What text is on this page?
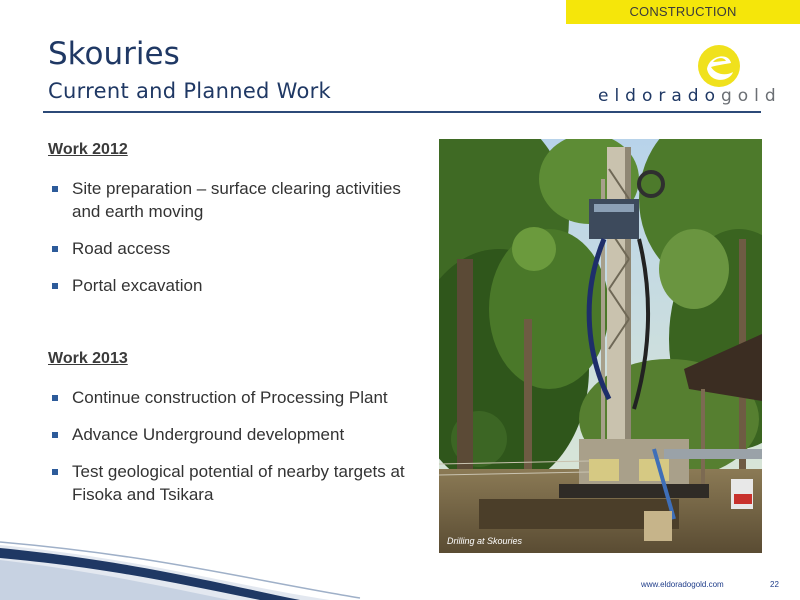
CONSTRUCTION
Skouries
Current and Planned Work	eldoradogold
Work 2012
Site preparation – surface clearing activities and earth moving
Road access
Portal excavation
Work 2013
Continue construction of Processing Plant
Advance Underground development
Test geological potential of nearby targets at Fisoka and Tsikara
Drilling at Skouries
www.eldoradogold.com	22
